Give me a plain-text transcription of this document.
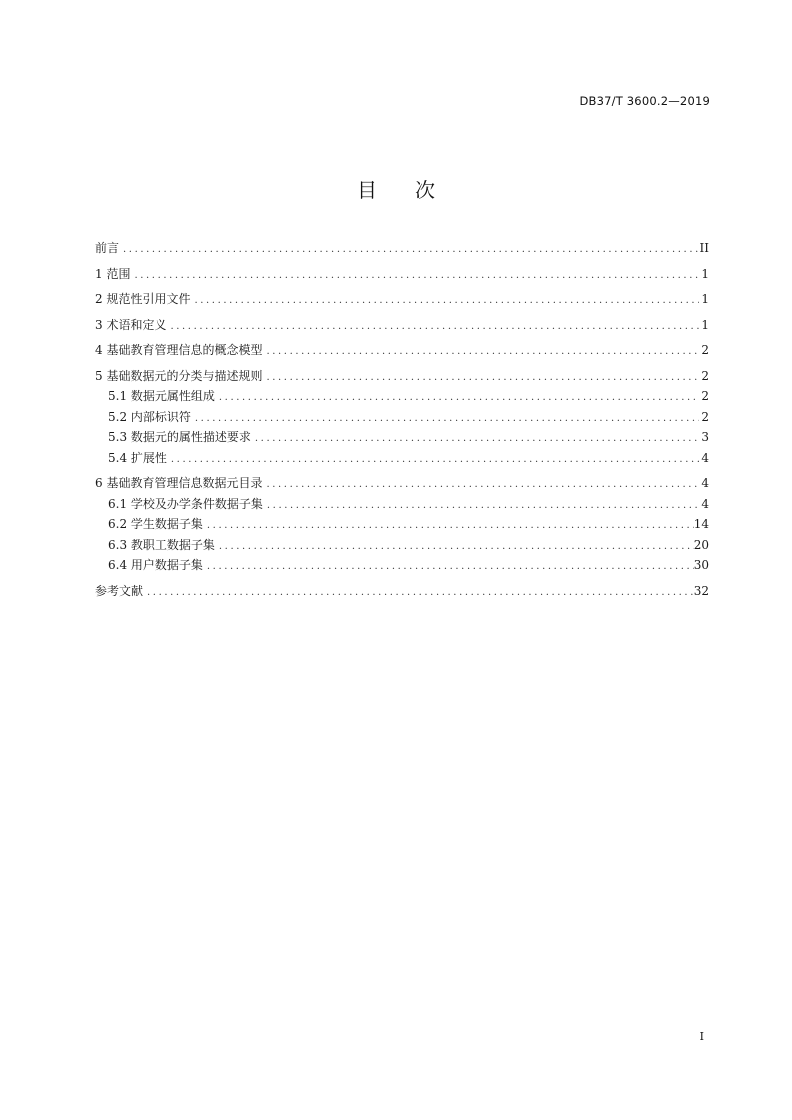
DB37/T 3600.2—2019
目 次
前言 .....	II
1 范围 .....	1
2 规范性引用文件 .....	1
3 术语和定义 .....	1
4 基础教育管理信息的概念模型 .....	2
5 基础数据元的分类与描述规则 .....	2
5.1 数据元属性组成 .....	2
5.2 内部标识符 .....	2
5.3 数据元的属性描述要求 .....	3
5.4 扩展性 .....	4
6 基础教育管理信息数据元目录 .....	4
6.1 学校及办学条件数据子集 .....	4
6.2 学生数据子集 .....	14
6.3 教职工数据子集 .....	20
6.4 用户数据子集 .....	30
参考文献 .....	32
I
